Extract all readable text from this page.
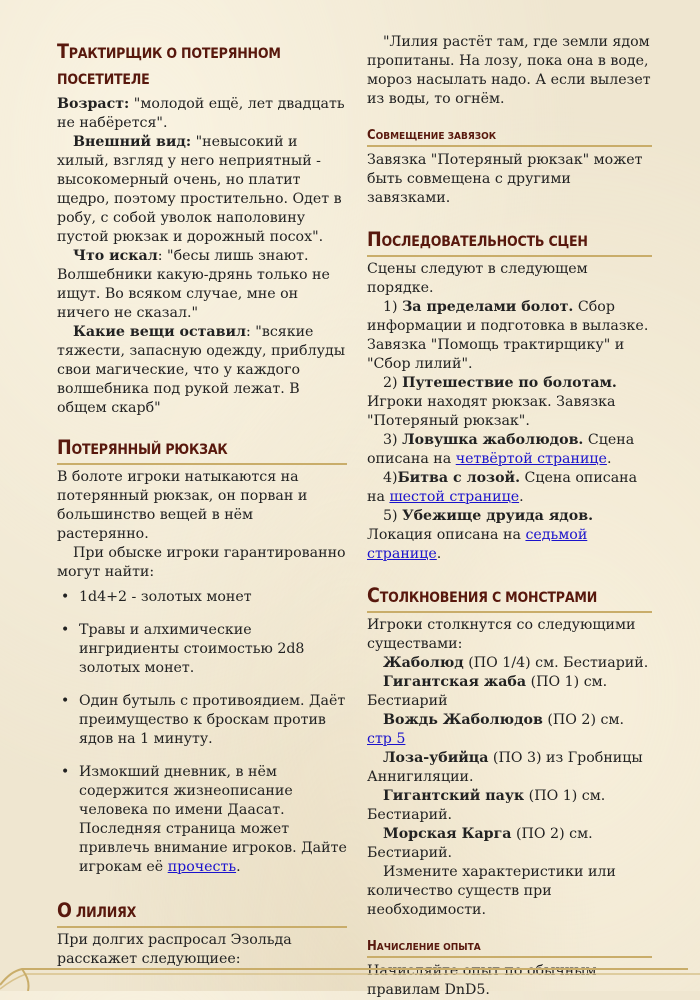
ТРАКТИРЩИК О ПОТЕРЯННОМ
ПОСЕТИТЕЛЕ
Возраст: "молодой ещё, лет двадцать не набёрется".
Внешний вид: "невысокий и хилый, взгляд у него неприятный - высокомерный очень, но платит щедро, поэтому простительно. Одет в робу, с собой уволок наполовину пустой рюкзак и дорожный посох".
Что искал: "бесы лишь знают. Волшебники какую-дрянь только не ищут. Во всяком случае, мне он ничего не сказал."
Какие вещи оставил: "всякие тяжести, запасную одежду, приблуды свои магические, что у каждого волшебника под рукой лежат. В общем скарб"
ПОТЕРЯННЫЙ РЮКЗАК
В болоте игроки натыкаются на потерянный рюкзак, он порван и большинство вещей в нём растерянно.
При обыске игроки гарантированно могут найти:
• 1d4+2 - золотых монет
• Травы и алхимические ингридиенты стоимостью 2d8 золотых монет.
• Один бутыль с противоядием. Даёт преимущество к броскам против ядов на 1 минуту.
• Измокший дневник, в нём содержится жизнеописание человека по имени Даасат. Последняя страница может привлечь внимание игроков. Дайте игрокам её прочесть.
О ЛИЛИЯХ
При долгих распросал Эзольда расскажет следующиее:
"Лилия растёт там, где земли ядом пропитаны. На лозу, пока она в воде, мороз насылать надо. А если вылезет из воды, то огнём.
СОВМЕЩЕНИЕ ЗАВЯЗОК
Завязка "Потеряный рюкзак" может быть совмещена с другими завязками.
ПОСЛЕДОВАТЕЛЬНОСТЬ СЦЕН
Сцены следуют в следующем порядке.
1) За пределами болот. Сбор информации и подготовка в вылазке. Завязка "Помощь трактирщику" и "Сбор лилий".
2) Путешествие по болотам. Игроки находят рюкзак. Завязка "Потеряный рюкзак".
3) Ловушка жаболюдов. Сцена описана на четвёртой странице.
4)Битва с лозой. Сцена описана на шестой странице.
5) Убежище друида ядов. Локация описана на седьмой странице.
СТОЛКНОВЕНИЯ С МОНСТРАМИ
Игроки столкнутся со следующими существами:
Жаболюд (ПО 1/4) см. Бестиарий.
Гигантская жаба (ПО 1) см. Бестиарий
Вождь Жаболюдов (ПО 2) см. стр 5
Лоза-убийца (ПО 3) из Гробницы Аннигиляции.
Гигантский паук (ПО 1) см. Бестиарий.
Морская Карга (ПО 2) см. Бестиарий.
Измените характеристики или количество существ при необходимости.
НАЧИСЛЕНИЕ ОПЫТА
Начисляйте опыт по обычным правилам DnD5.
